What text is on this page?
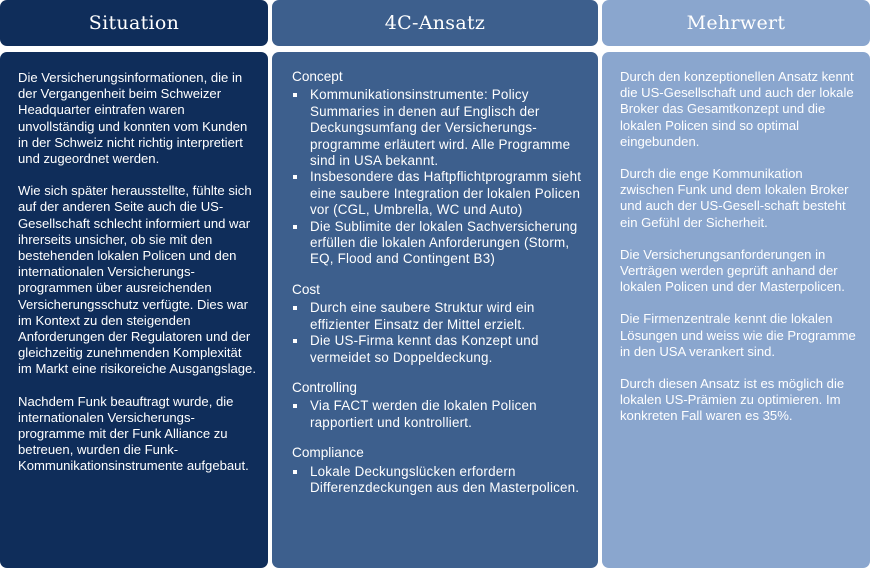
Situation

Die Versicherungsinformationen, die in der Vergangenheit beim Schweizer Headquarter eintrafen waren unvollständig und konnten vom Kunden in der Schweiz nicht richtig interpretiert und zugeordnet werden.

Wie sich später herausstellte, fühlte sich auf der anderen Seite auch die US-Gesellschaft schlecht informiert und war ihrerseits unsicher, ob sie mit den bestehenden lokalen Policen und den internationalen Versicherungs-programmen über ausreichenden Versicherungsschutz verfügte. Dies war im Kontext zu den steigenden Anforderungen der Regulatoren und der gleichzeitig zunehmenden Komplexität im Markt eine risikoreiche Ausgangslage.

Nachdem Funk beauftragt wurde, die internationalen Versicherungs-programme mit der Funk Alliance zu betreuen, wurden die Funk-Kommunikationsinstrumente aufgebaut.

4C-Ansatz
Concept
Kommunikationsinstrumente: Policy Summaries in denen auf Englisch der Deckungsumfang der Versicherungs-programme erläutert wird. Alle Programme sind in USA bekannt.
Insbesondere das Haftpflichtprogramm sieht eine saubere Integration der lokalen Policen vor (CGL, Umbrella, WC und Auto)
Die Sublimite der lokalen Sachversicherung erfüllen die lokalen Anforderungen (Storm, EQ, Flood and Contingent B3)
Cost
Durch eine saubere Struktur wird ein effizienter Einsatz der Mittel erzielt.
Die US-Firma kennt das Konzept und vermeidet so Doppeldeckung.
Controlling
Via FACT werden die lokalen Policen rapportiert und kontrolliert.
Compliance
Lokale Deckungslücken erfordern Differenzdeckungen aus den Masterpolicen.
Mehrwert

Durch den konzeptionellen Ansatz kennt die US-Gesellschaft und auch der lokale Broker das Gesamtkonzept und die lokalen Policen sind so optimal eingebunden.

Durch die enge Kommunikation zwischen Funk und dem lokalen Broker und auch der US-Gesell-schaft besteht ein Gefühl der Sicherheit.

Die Versicherungsanforderungen in Verträgen werden geprüft anhand der lokalen Policen und der Masterpolicen.

Die Firmenzentrale kennt die lokalen Lösungen und weiss wie die Programme in den USA verankert sind.

Durch diesen Ansatz ist es möglich die lokalen US-Prämien zu optimieren. Im konkreten Fall waren es 35%.
